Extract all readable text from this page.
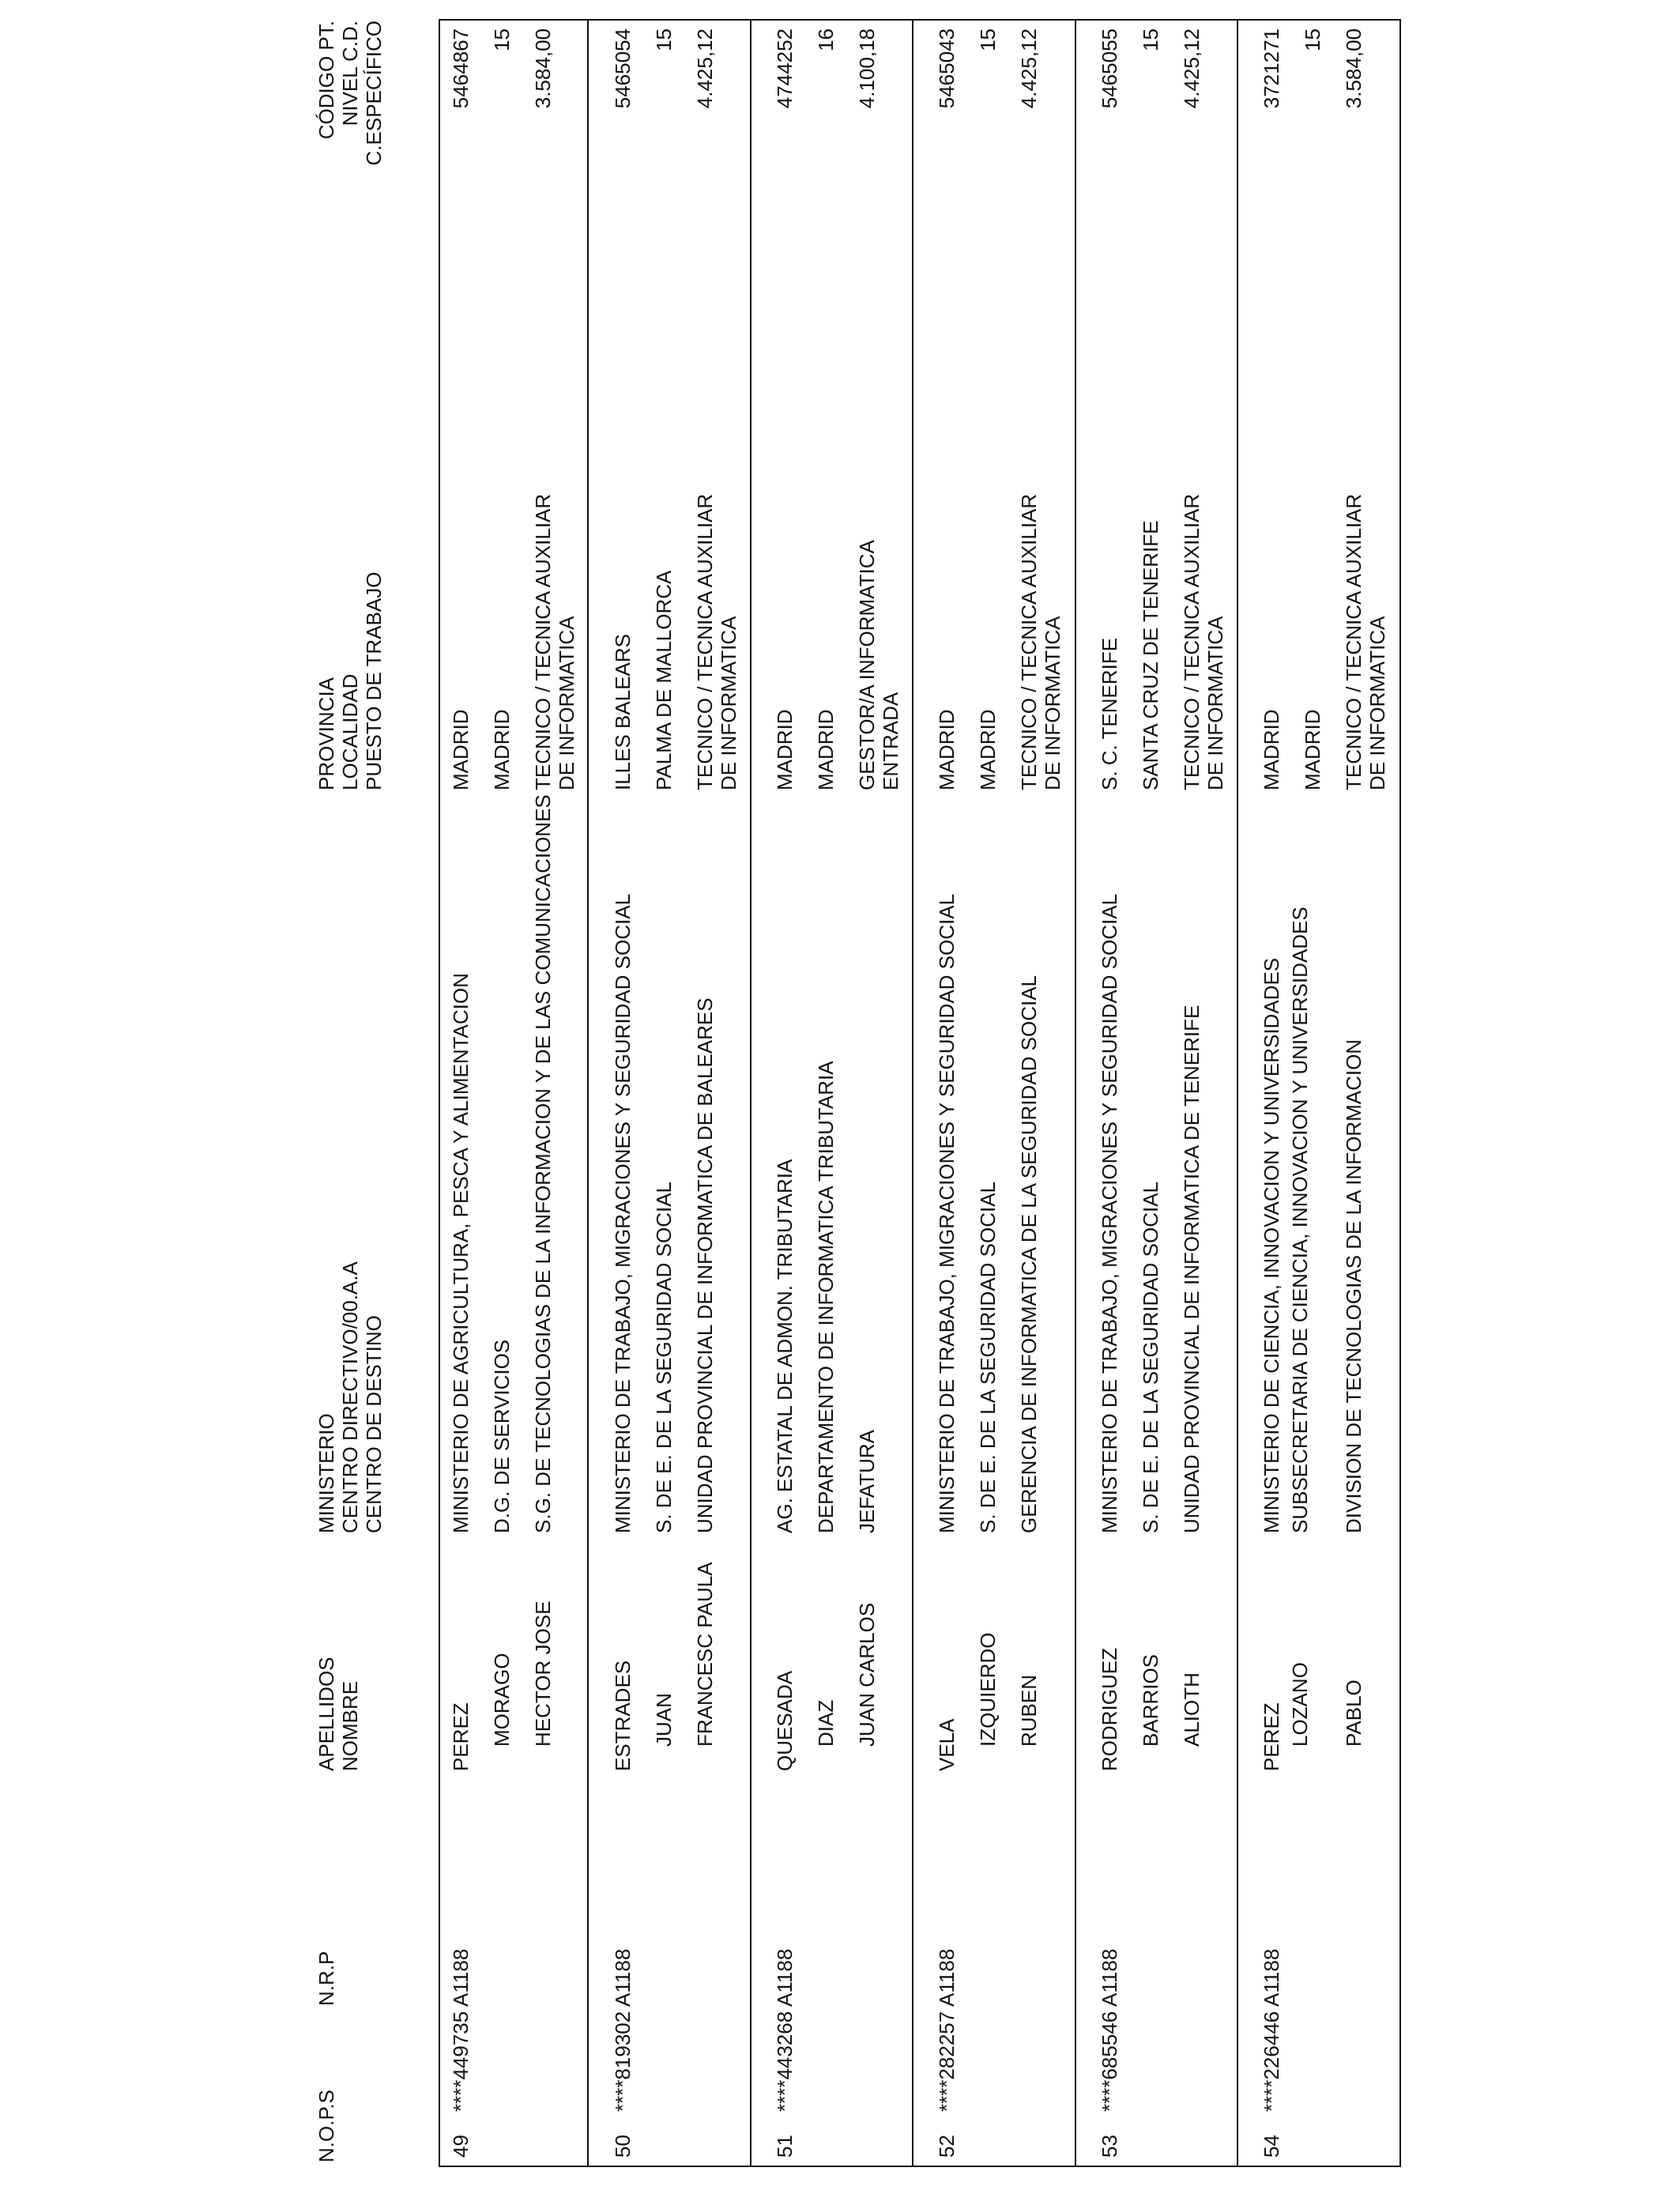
N.O.P.S
N.R.P
APELLIDOS NOMBRE
MINISTERIO CENTRO DIRECTIVO/00.A.A CENTRO DE DESTINO
PROVINCIA LOCALIDAD PUESTO DE TRABAJO
CÓDIGO PT. NIVEL C.D. C.ESPECÍFICO
49
****449735 A1188
PEREZ MORAGO HECTOR JOSE
MINISTERIO DE AGRICULTURA, PESCA Y ALIMENTACION D.G. DE SERVICIOS S.G. DE TECNOLOGIAS DE LA INFORMACION Y DE LAS COMUNICACIONES
MADRID MADRID TECNICO / TECNICA AUXILIAR DE INFORMATICA
5464867 15 3.584,00
50
****819302 A1188
ESTRADES JUAN FRANCESC PAULA
MINISTERIO DE TRABAJO, MIGRACIONES Y SEGURIDAD SOCIAL S. DE E. DE LA SEGURIDAD SOCIAL UNIDAD PROVINCIAL DE INFORMATICA DE BALEARES
ILLES BALEARS PALMA DE MALLORCA TECNICO / TECNICA AUXILIAR DE INFORMATICA
5465054 15 4.425,12
51
****443268 A1188
QUESADA DIAZ JUAN CARLOS
AG. ESTATAL DE ADMON. TRIBUTARIA DEPARTAMENTO DE INFORMATICA TRIBUTARIA JEFATURA
MADRID MADRID GESTOR/A INFORMATICA ENTRADA
4744252 16 4.100,18
52
****282257 A1188
VELA IZQUIERDO RUBEN
MINISTERIO DE TRABAJO, MIGRACIONES Y SEGURIDAD SOCIAL S. DE E. DE LA SEGURIDAD SOCIAL GERENCIA DE INFORMATICA DE LA SEGURIDAD SOCIAL
MADRID MADRID TECNICO / TECNICA AUXILIAR DE INFORMATICA
5465043 15 4.425,12
53
****685546 A1188
RODRIGUEZ BARRIOS ALIOTH
MINISTERIO DE TRABAJO, MIGRACIONES Y SEGURIDAD SOCIAL S. DE E. DE LA SEGURIDAD SOCIAL UNIDAD PROVINCIAL DE INFORMATICA DE TENERIFE
S. C. TENERIFE SANTA CRUZ DE TENERIFE TECNICO / TECNICA AUXILIAR DE INFORMATICA
5465055 15 4.425,12
54
****226446 A1188
PEREZ LOZANO PABLO
MINISTERIO DE CIENCIA, INNOVACION Y UNIVERSIDADES SUBSECRETARIA DE CIENCIA, INNOVACION Y UNIVERSIDADES DIVISION DE TECNOLOGIAS DE LA INFORMACION
MADRID MADRID TECNICO / TECNICA AUXILIAR DE INFORMATICA
3721271 15 3.584,00
